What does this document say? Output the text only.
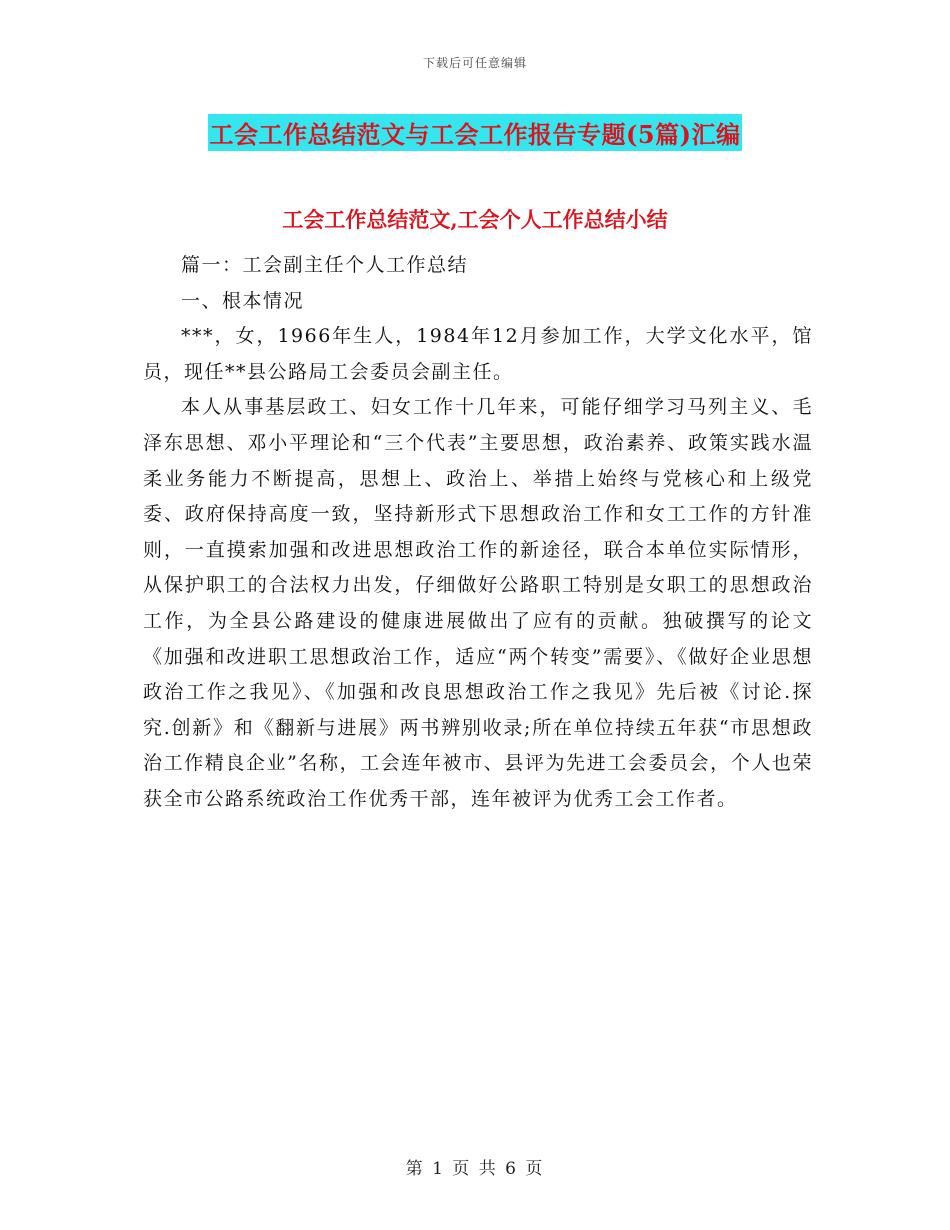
下载后可任意编辑
工会工作总结范文与工会工作报告专题(5篇)汇编
工会工作总结范文,工会个人工作总结小结

篇一：工会副主任个人工作总结

一、根本情况

***，女，1966年生人，1984年12月参加工作，大学文化水平，馆员，现任**县公路局工会委员会副主任。

本人从事基层政工、妇女工作十几年来，可能仔细学习马列主义、毛泽东思想、邓小平理论和“三个代表”主要思想，政治素养、政策实践水温柔业务能力不断提高，思想上、政治上、举措上始终与党核心和上级党委、政府保持高度一致，坚持新形式下思想政治工作和女工工作的方针准则，一直摸索加强和改进思想政治工作的新途径，联合本单位实际情形，从保护职工的合法权力出发，仔细做好公路职工特别是女职工的思想政治工作，为全县公路建设的健康进展做出了应有的贡献。独破撰写的论文《加强和改进职工思想政治工作，适应“两个转变”需要》、《做好企业思想政治工作之我见》、《加强和改良思想政治工作之我见》先后被《讨论.探究.创新》和《翻新与进展》两书辨别收录;所在单位持续五年获“市思想政治工作精良企业”名称，工会连年被市、县评为先进工会委员会，个人也荣获全市公路系统政治工作优秀干部，连年被评为优秀工会工作者。

第 1 页 共 6 页
